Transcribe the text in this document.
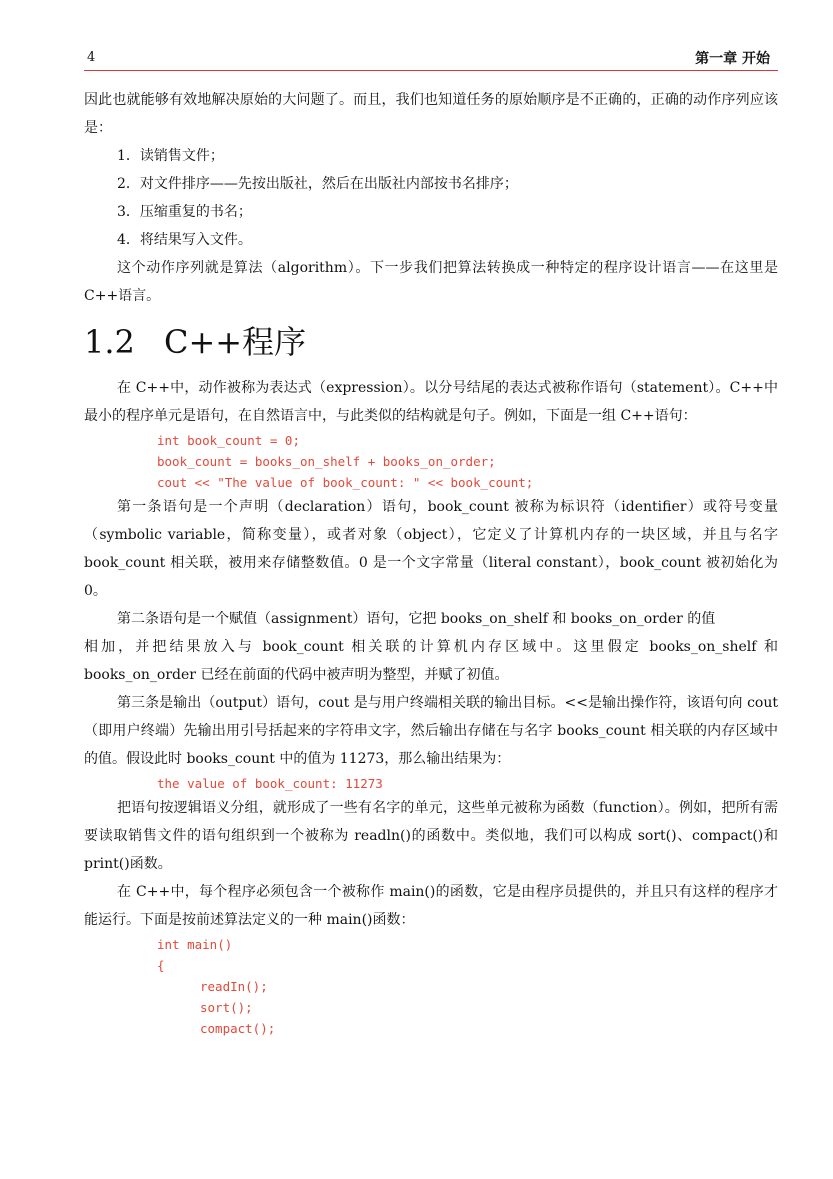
4	第一章 开始

因此也就能够有效地解决原始的大问题了。而且，我们也知道任务的原始顺序是不正确的，正确的动作序列应该是：

1．读销售文件；

2．对文件排序——先按出版社，然后在出版社内部按书名排序；

3．压缩重复的书名；

4．将结果写入文件。

这个动作序列就是算法（algorithm）。下一步我们把算法转换成一种特定的程序设计语言——在这里是 C++语言。

1.2 C++程序

在 C++中，动作被称为表达式（expression）。以分号结尾的表达式被称作语句（statement）。C++中最小的程序单元是语句，在自然语言中，与此类似的结构就是句子。例如，下面是一组 C++语句：

int book_count = 0;
book_count = books_on_shelf + books_on_order;
cout << "The value of book_count: " << book_count;

第一条语句是一个声明（declaration）语句，book_count 被称为标识符（identifier）或符号变量（symbolic variable，简称变量），或者对象（object），它定义了计算机内存的一块区域，并且与名字 book_count 相关联，被用来存储整数值。0 是一个文字常量（literal constant），book_count 被初始化为 0。

第二条语句是一个赋值（assignment）语句，它把 books_on_shelf 和 books_on_order 的值

相加，并把结果放入与 book_count 相关联的计算机内存区域中。这里假定 books_on_shelf 和 books_on_order 已经在前面的代码中被声明为整型，并赋了初值。

第三条是输出（output）语句，cout 是与用户终端相关联的输出目标。<<是输出操作符，该语句向 cout（即用户终端）先输出用引号括起来的字符串文字，然后输出存储在与名字 books_count 相关联的内存区域中的值。假设此时 books_count 中的值为 11273，那么输出结果为：

the value of book_count: 11273

把语句按逻辑语义分组，就形成了一些有名字的单元，这些单元被称为函数（function）。例如，把所有需要读取销售文件的语句组织到一个被称为 readln()的函数中。类似地，我们可以构成 sort()、compact()和 print()函数。

在 C++中，每个程序必须包含一个被称作 main()的函数，它是由程序员提供的，并且只有这样的程序才能运行。下面是按前述算法定义的一种 main()函数：

int main()
{
readIn();
sort();
compact();
